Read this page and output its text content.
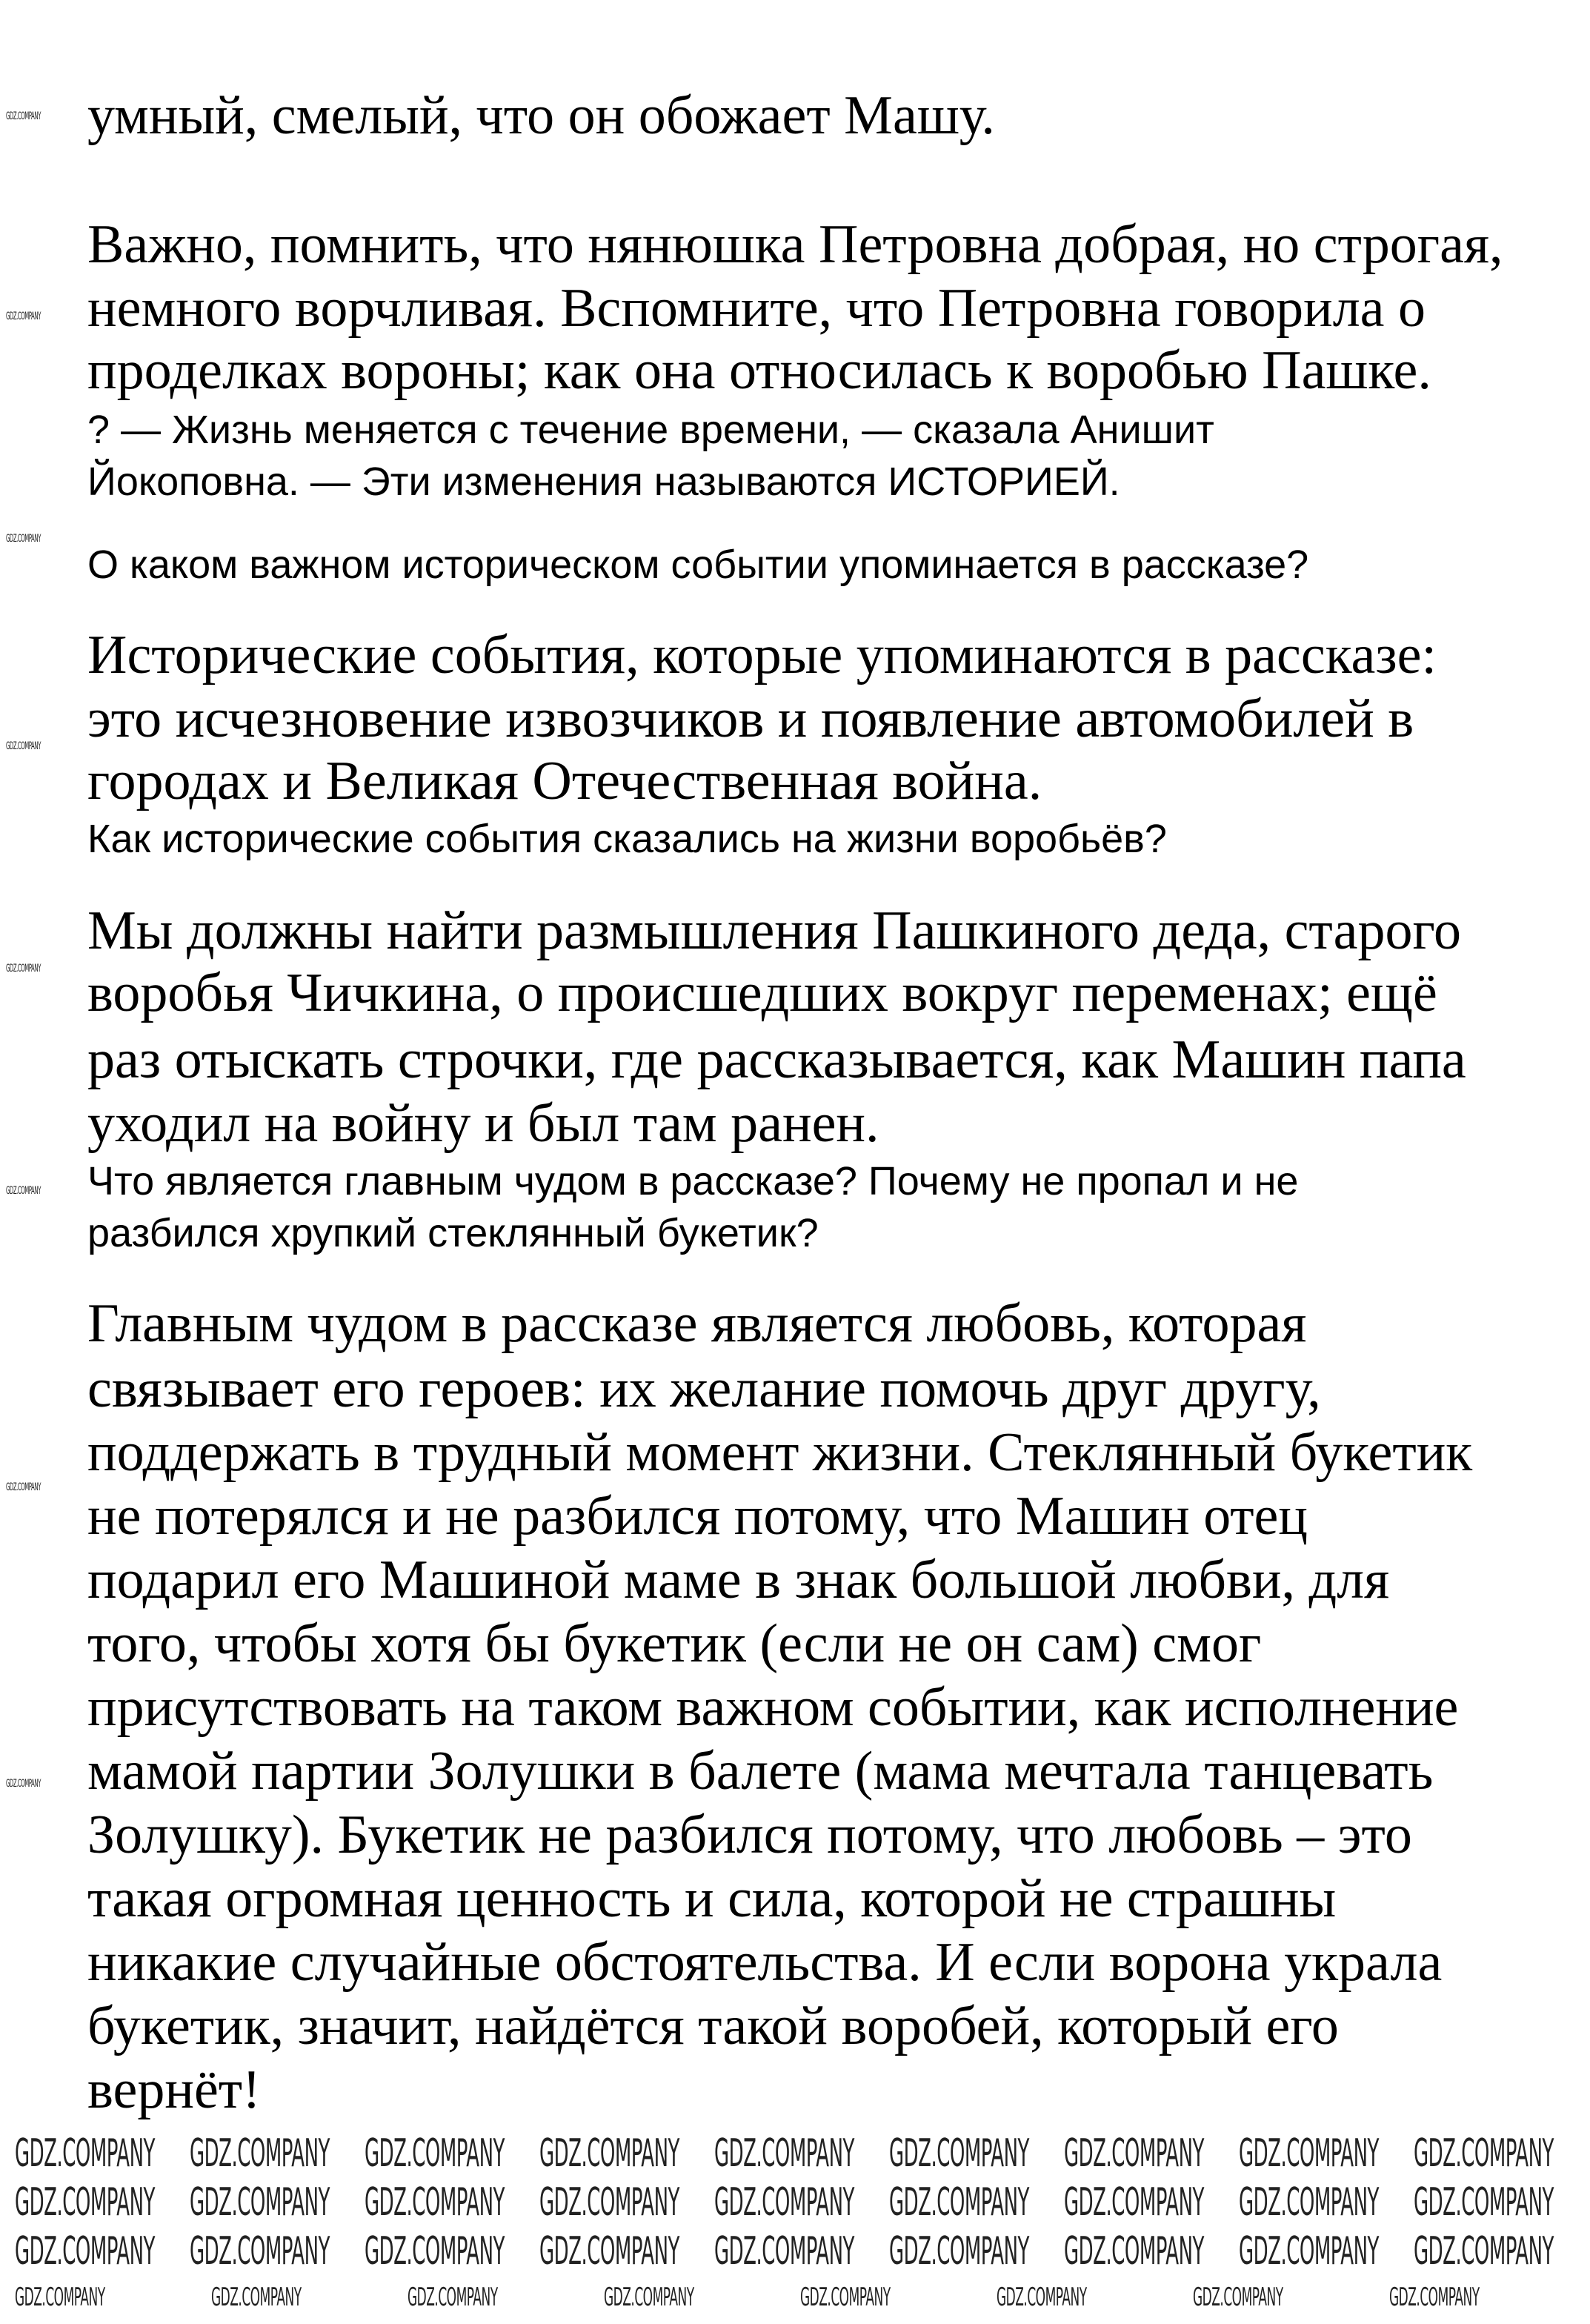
умный, смелый, что он обожает Машу.
Важно, помнить, что нянюшка Петровна добрая, но строгая,
немного ворчливая. Вспомните, что Петровна говорила о
проделках вороны; как она относилась к воробью Пашке.
? — Жизнь меняется с течение времени, — сказала Анишит
Йокоповна. — Эти изменения называются ИСТОРИЕЙ.
О каком важном историческом событии упоминается в рассказе?
Исторические события, которые упоминаются в рассказе:
это исчезновение извозчиков и появление автомобилей в
городах и Великая Отечественная война.
Как исторические события сказались на жизни воробьёв?
Мы должны найти размышления Пашкиного деда, старого
воробья Чичкина, о происшедших вокруг переменах; ещё
раз отыскать строчки, где рассказывается, как Машин папа
уходил на войну и был там ранен.
Что является главным чудом в рассказе? Почему не пропал и не
разбился хрупкий стеклянный букетик?
Главным чудом в рассказе является любовь, которая
связывает его героев: их желание помочь друг другу,
поддержать в трудный момент жизни. Стеклянный букетик
не потерялся и не разбился потому, что Машин отец
подарил его Машиной маме в знак большой любви, для
того, чтобы хотя бы букетик (если не он сам) смог
присутствовать на таком важном событии, как исполнение
мамой партии Золушки в балете (мама мечтала танцевать
Золушку). Букетик не разбился потому, что любовь – это
такая огромная ценность и сила, которой не страшны
никакие случайные обстоятельства. И если ворона украла
букетик, значит, найдётся такой воробей, который его
вернёт!
GDZ.COMPANY
GDZ.COMPANY
GDZ.COMPANY
GDZ.COMPANY
GDZ.COMPANY
GDZ.COMPANY
GDZ.COMPANY
GDZ.COMPANY
GDZ.COMPANY GDZ.COMPANY GDZ.COMPANY GDZ.COMPANY GDZ.COMPANY GDZ.COMPANY GDZ.COMPANY GDZ.COMPANY GDZ.COMPANY
GDZ.COMPANY GDZ.COMPANY GDZ.COMPANY GDZ.COMPANY GDZ.COMPANY GDZ.COMPANY GDZ.COMPANY GDZ.COMPANY GDZ.COMPANY
GDZ.COMPANY GDZ.COMPANY GDZ.COMPANY GDZ.COMPANY GDZ.COMPANY GDZ.COMPANY GDZ.COMPANY GDZ.COMPANY GDZ.COMPANY
GDZ.COMPANY	GDZ.COMPANY	GDZ.COMPANY	GDZ.COMPANY	GDZ.COMPANY	GDZ.COMPANY	GDZ.COMPANY	GDZ.COMPANY
